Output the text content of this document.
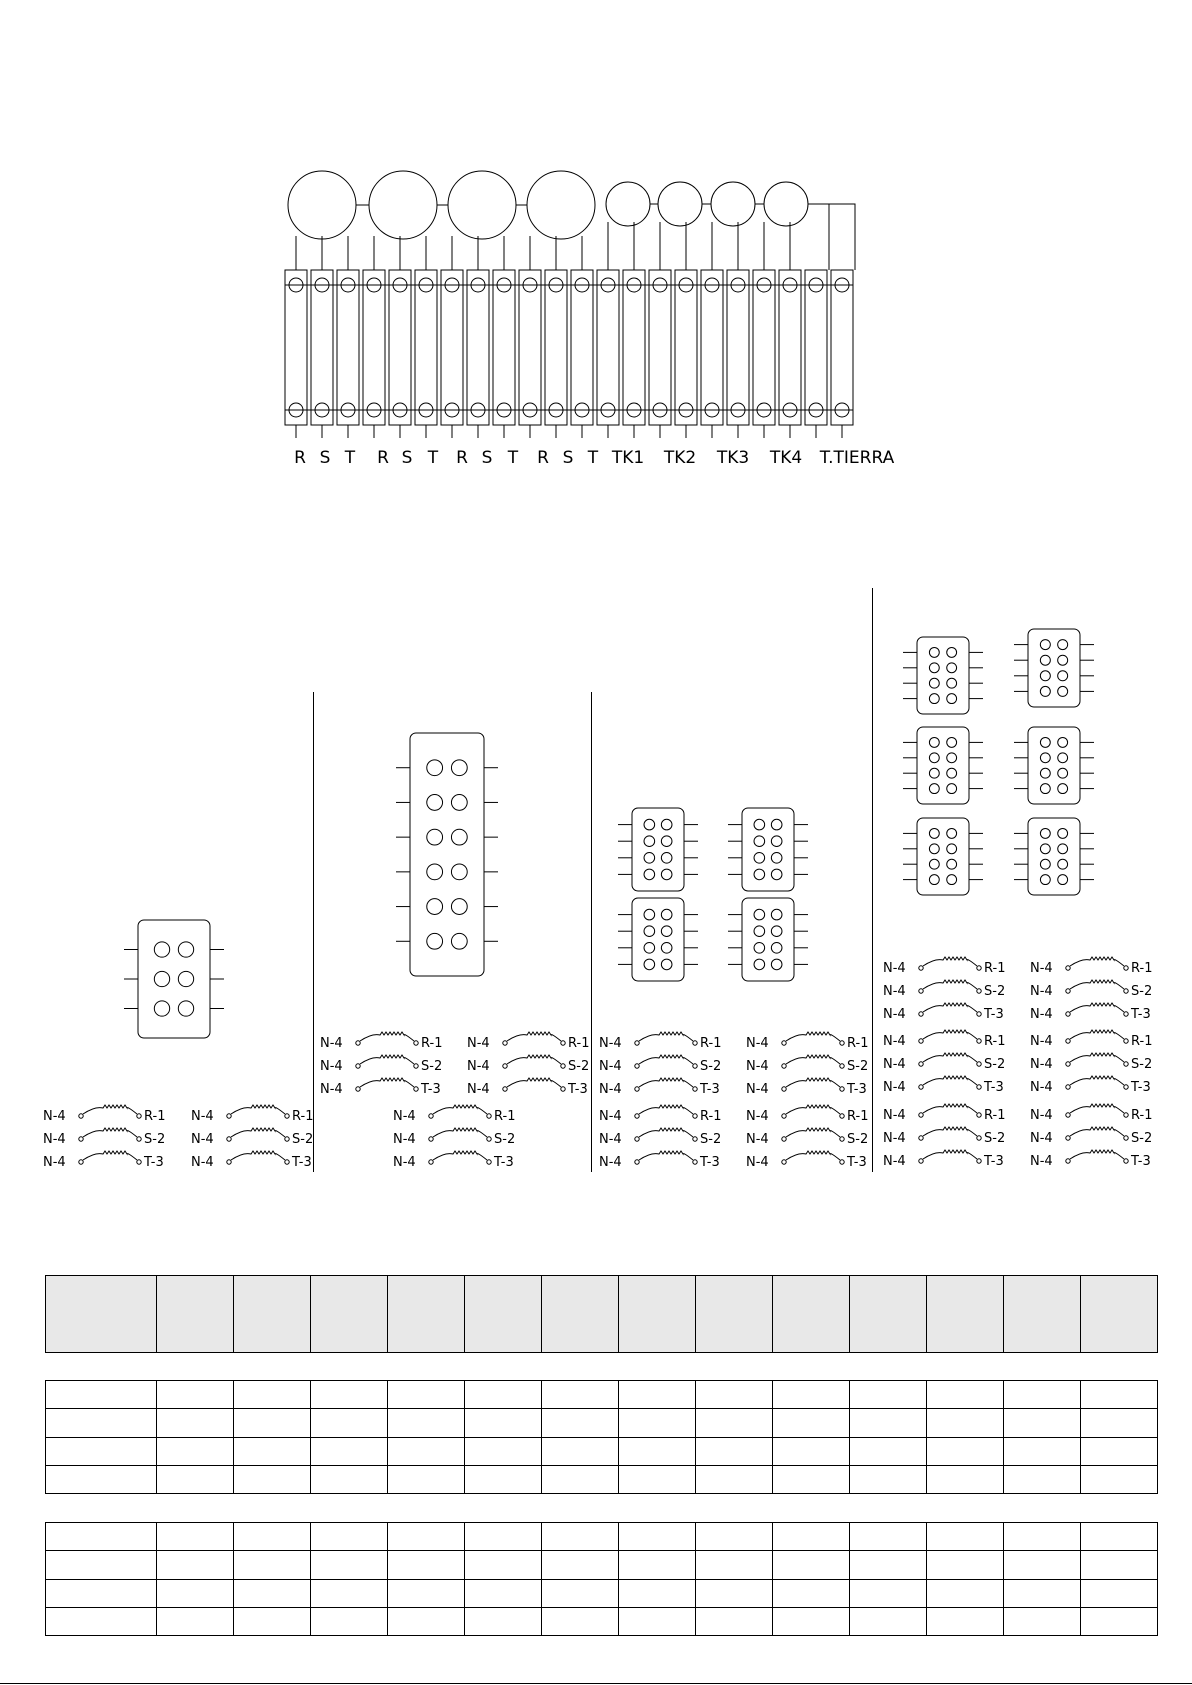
R S T R S T R S T R S T TK1 TK2 TK3 TK4 T.TIERRA
N-4	R-1
N-4	S-2
N-4	T-3
N-4	R-1
N-4	S-2
N-4	T-3
N-4	R-1
N-4	S-2
N-4	T-3
N-4	R-1
N-4	S-2
N-4	T-3
N-4	R-1
N-4	S-2
N-4	T-3
N-4	R-1
N-4	S-2
N-4	T-3
N-4	R-1
N-4	S-2
N-4	T-3
N-4	R-1
N-4	S-2
N-4	T-3
N-4	R-1
N-4	S-2
N-4	T-3
N-4	R-1
N-4	S-2
N-4	T-3
N-4	R-1
N-4	S-2
N-4	T-3
N-4	R-1
N-4	S-2
N-4	T-3
N-4	R-1
N-4	S-2
N-4	T-3
N-4	R-1
N-4	S-2
N-4	T-3
N-4	R-1
N-4	S-2
N-4	T-3
